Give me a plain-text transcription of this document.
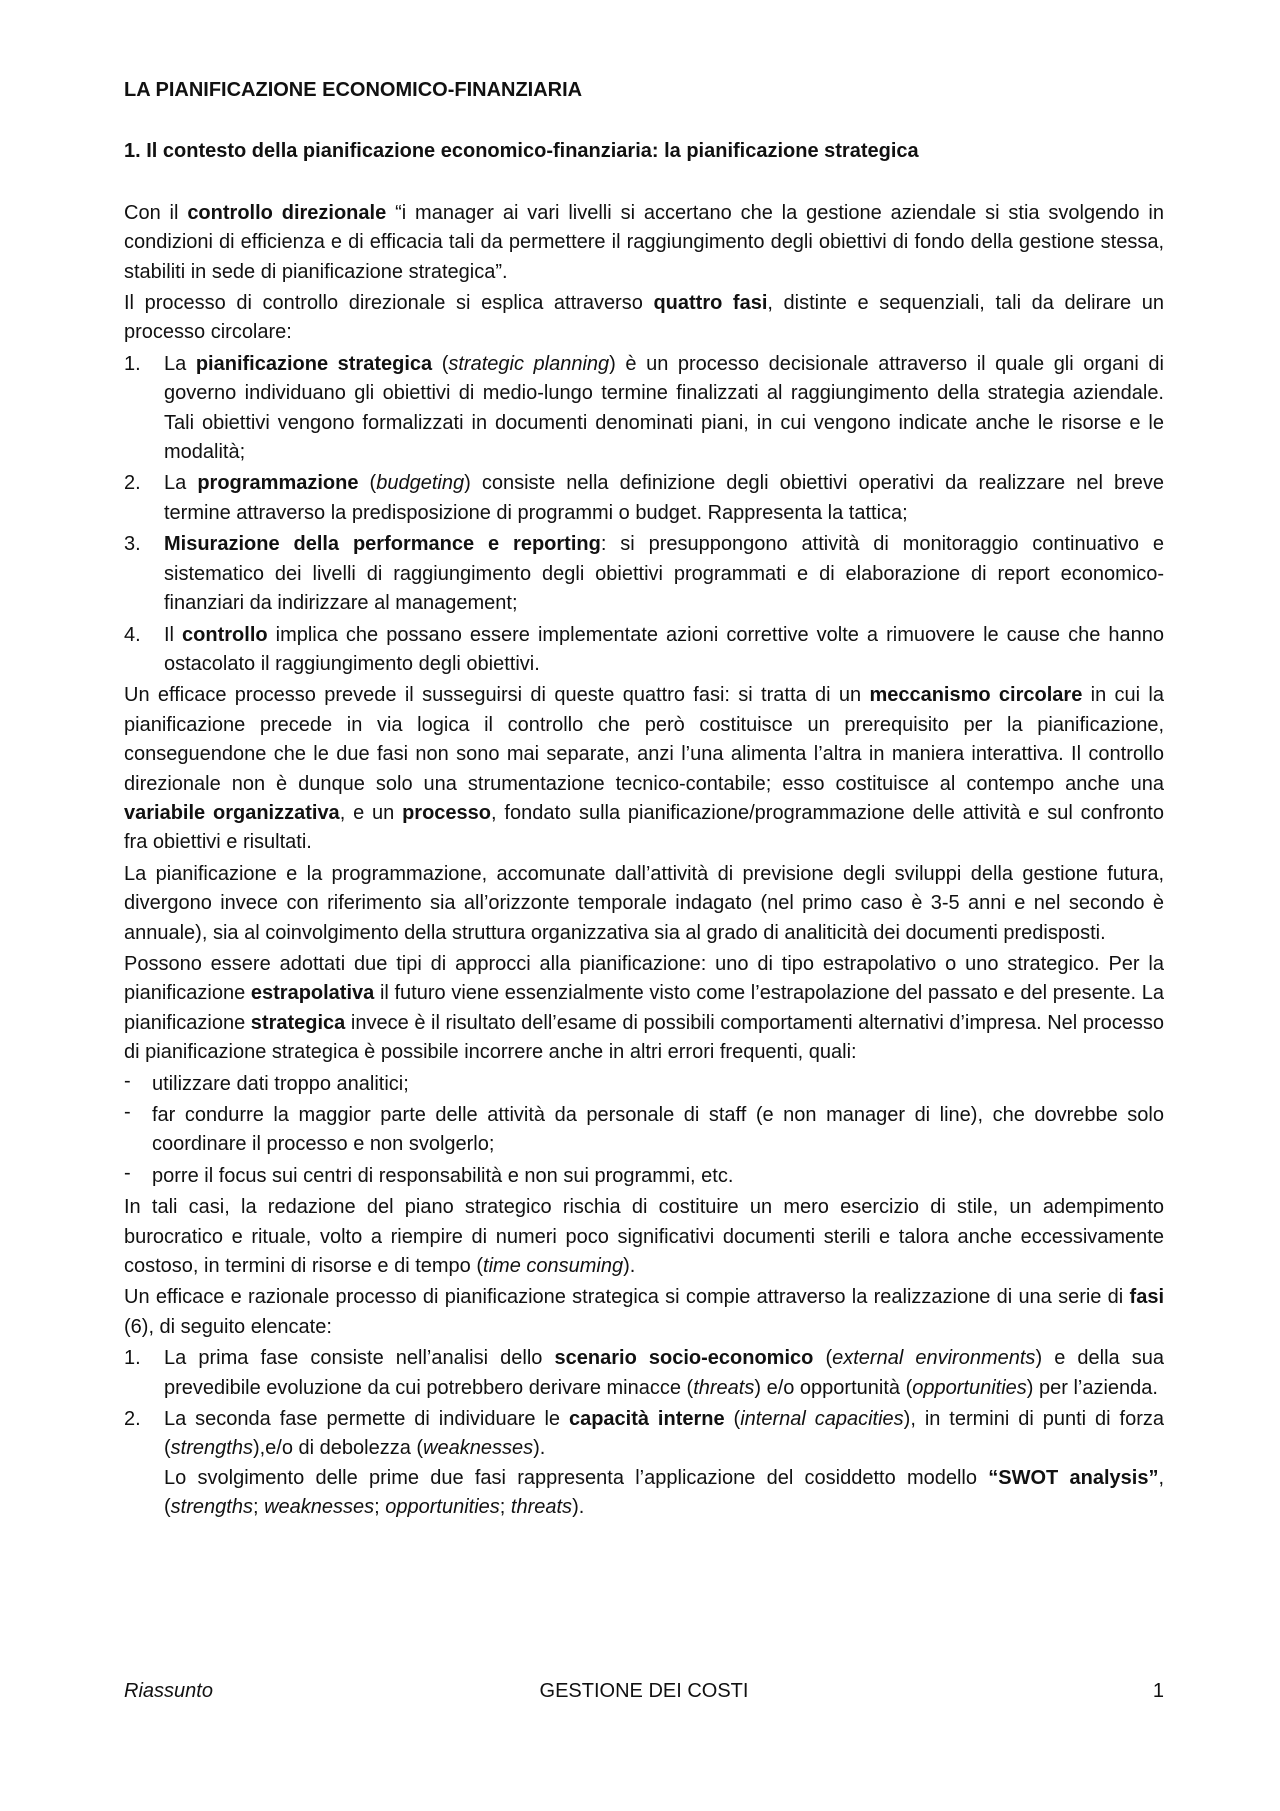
LA PIANIFICAZIONE ECONOMICO-FINANZIARIA
1. Il contesto della pianificazione economico-finanziaria: la pianificazione strategica
Con il controllo direzionale “i manager ai vari livelli si accertano che la gestione aziendale si stia svolgendo in condizioni di efficienza e di efficacia tali da permettere il raggiungimento degli obiettivi di fondo della gestione stessa, stabiliti in sede di pianificazione strategica”.
Il processo di controllo direzionale si esplica attraverso quattro fasi, distinte e sequenziali, tali da delirare un processo circolare:
1. La pianificazione strategica (strategic planning) è un processo decisionale attraverso il quale gli organi di governo individuano gli obiettivi di medio-lungo termine finalizzati al raggiungimento della strategia aziendale. Tali obiettivi vengono formalizzati in documenti denominati piani, in cui vengono indicate anche le risorse e le modalità;
2. La programmazione (budgeting) consiste nella definizione degli obiettivi operativi da realizzare nel breve termine attraverso la predisposizione di programmi o budget. Rappresenta la tattica;
3. Misurazione della performance e reporting: si presuppongono attività di monitoraggio continuativo e sistematico dei livelli di raggiungimento degli obiettivi programmati e di elaborazione di report economico-finanziari da indirizzare al management;
4. Il controllo implica che possano essere implementate azioni correttive volte a rimuovere le cause che hanno ostacolato il raggiungimento degli obiettivi.
Un efficace processo prevede il susseguirsi di queste quattro fasi: si tratta di un meccanismo circolare in cui la pianificazione precede in via logica il controllo che però costituisce un prerequisito per la pianificazione, conseguendone che le due fasi non sono mai separate, anzi l’una alimenta l’altra in maniera interattiva. Il controllo direzionale non è dunque solo una strumentazione tecnico-contabile; esso costituisce al contempo anche una variabile organizzativa, e un processo, fondato sulla pianificazione/programmazione delle attività e sul confronto fra obiettivi e risultati.
La pianificazione e la programmazione, accomunate dall’attività di previsione degli sviluppi della gestione futura, divergono invece con riferimento sia all’orizzonte temporale indagato (nel primo caso è 3-5 anni e nel secondo è annuale), sia al coinvolgimento della struttura organizzativa sia al grado di analiticità dei documenti predisposti.
Possono essere adottati due tipi di approcci alla pianificazione: uno di tipo estrapolativo o uno strategico. Per la pianificazione estrapolativa il futuro viene essenzialmente visto come l’estrapolazione del passato e del presente. La pianificazione strategica invece è il risultato dell’esame di possibili comportamenti alternativi d’impresa. Nel processo di pianificazione strategica è possibile incorrere anche in altri errori frequenti, quali:
- utilizzare dati troppo analitici;
- far condurre la maggior parte delle attività da personale di staff (e non manager di line), che dovrebbe solo coordinare il processo e non svolgerlo;
- porre il focus sui centri di responsabilità e non sui programmi, etc.
In tali casi, la redazione del piano strategico rischia di costituire un mero esercizio di stile, un adempimento burocratico e rituale, volto a riempire di numeri poco significativi documenti sterili e talora anche eccessivamente costoso, in termini di risorse e di tempo (time consuming).
Un efficace e razionale processo di pianificazione strategica si compie attraverso la realizzazione di una serie di fasi (6), di seguito elencate:
1. La prima fase consiste nell’analisi dello scenario socio-economico (external environments) e della sua prevedibile evoluzione da cui potrebbero derivare minacce (threats) e/o opportunità (opportunities) per l’azienda.
2. La seconda fase permette di individuare le capacità interne (internal capacities), in termini di punti di forza (strengths),e/o di debolezza (weaknesses).
Lo svolgimento delle prime due fasi rappresenta l’applicazione del cosiddetto modello “SWOT analysis”, (strengths; weaknesses; opportunities; threats).
Riassunto	GESTIONE DEI COSTI	1
